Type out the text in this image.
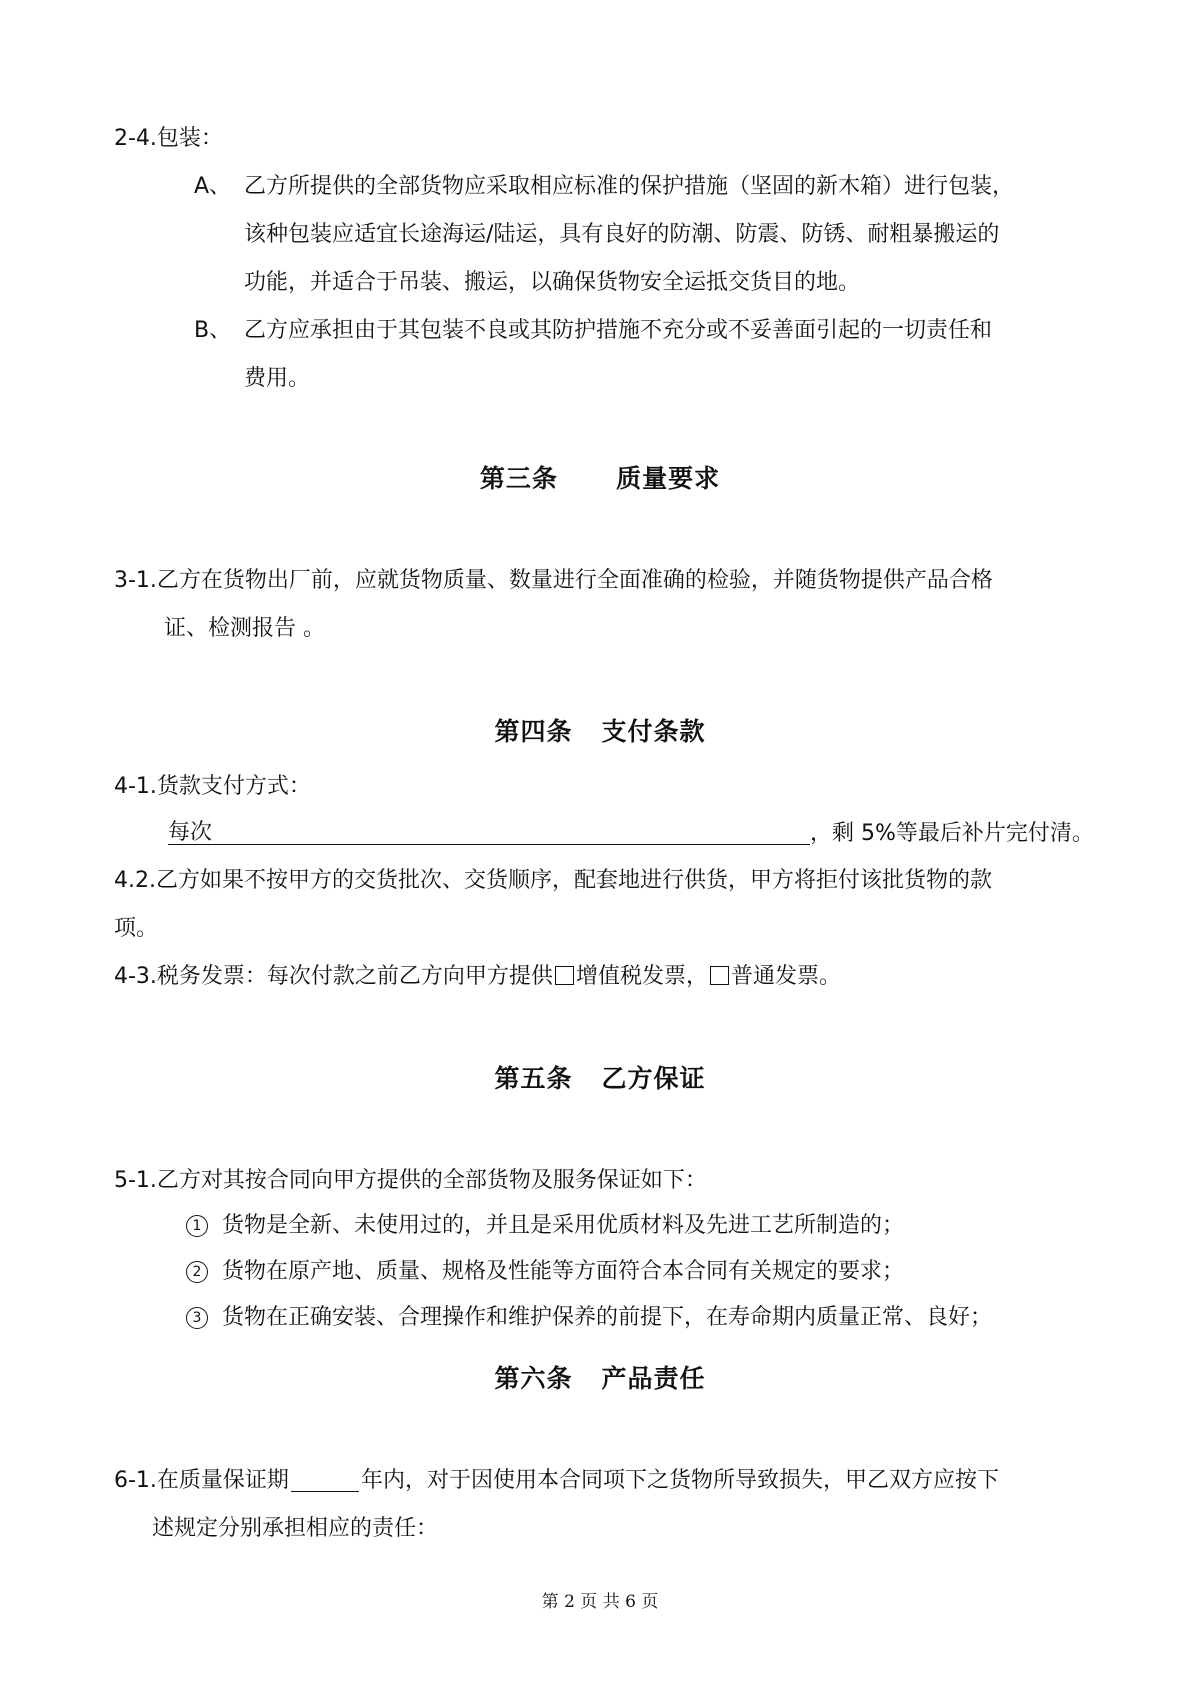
2-4.包装：
A、 乙方所提供的全部货物应采取相应标准的保护措施（坚固的新木箱）进行包装，
该种包装应适宜长途海运/陆运，具有良好的防潮、防震、防锈、耐粗暴搬运的
功能，并适合于吊装、搬运，以确保货物安全运抵交货目的地。
B、 乙方应承担由于其包装不良或其防护措施不充分或不妥善面引起的一切责任和
费用。
第三条      质量要求
3-1.乙方在货物出厂前，应就货物质量、数量进行全面准确的检验，并随货物提供产品合格
证、检测报告 。
第四条   支付条款
4-1.货款支付方式：
每次	，剩 5%等最后补片完付清。
4.2.乙方如果不按甲方的交货批次、交货顺序，配套地进行供货，甲方将拒付该批货物的款
项。
4-3.税务发票：每次付款之前乙方向甲方提供 增值税发票， 普通发票。
第五条   乙方保证
5-1.乙方对其按合同向甲方提供的全部货物及服务保证如下：
1 货物是全新、未使用过的，并且是采用优质材料及先进工艺所制造的；
2 货物在原产地、质量、规格及性能等方面符合本合同有关规定的要求；
3 货物在正确安装、合理操作和维护保养的前提下，在寿命期内质量正常、良好；
第六条   产品责任
6-1.在质量保证期	年内，对于因使用本合同项下之货物所导致损失，甲乙双方应按下
述规定分别承担相应的责任：
第 2 页 共 6 页
